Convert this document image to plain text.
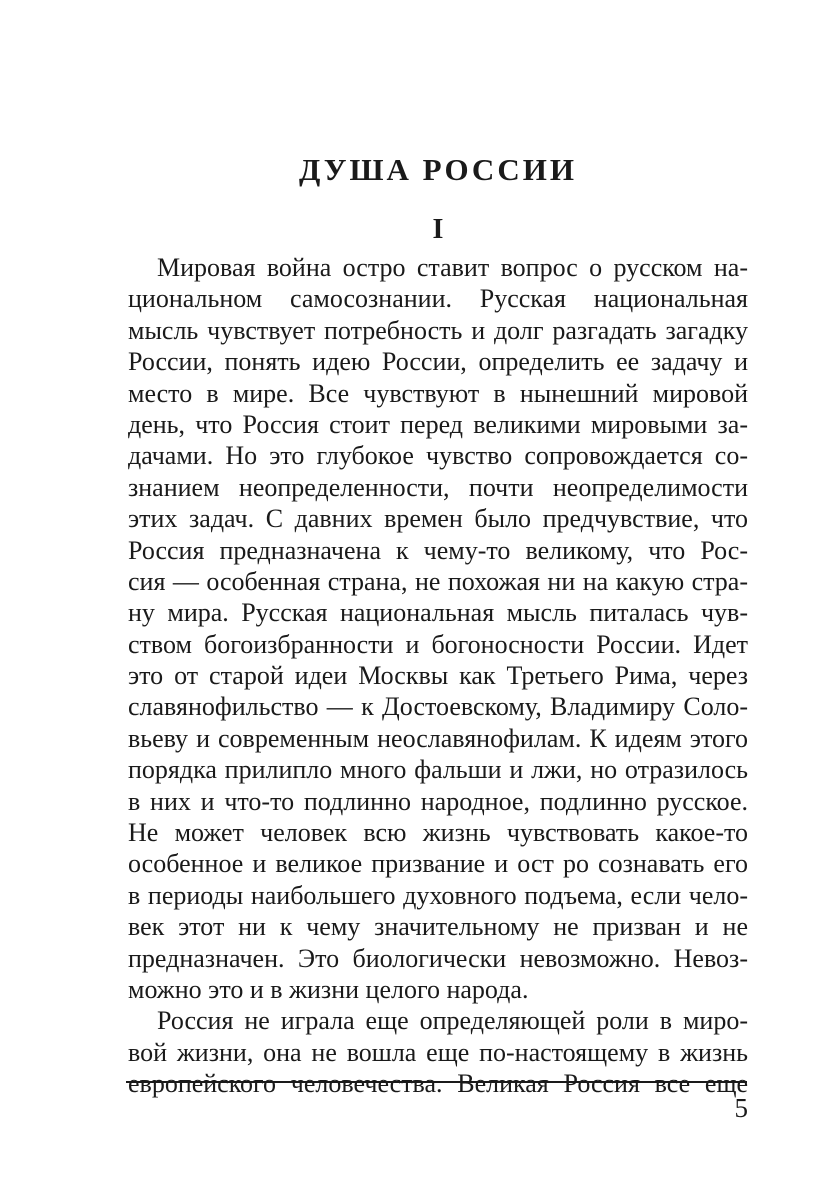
ДУША РОССИИ
I
Мировая война остро ставит вопрос о русском на-
циональном самосознании. Русская национальная
мысль чувствует потребность и долг разгадать загадку
России, понять идею России, определить ее задачу и
место в мире. Все чувствуют в нынешний мировой
день, что Россия стоит перед великими мировыми за-
дачами. Но это глубокое чувство сопровождается со-
знанием неопределенности, почти неопределимости
этих задач. С давних времен было предчувствие, что
Россия предназначена к чему-то великому, что Рос-
сия — особенная страна, не похожая ни на какую стра-
ну мира. Русская национальная мысль питалась чув-
ством богоизбранности и богоносности России. Идет
это от старой идеи Москвы как Третьего Рима, через
славянофильство — к Достоевскому, Владимиру Соло-
вьеву и современным неославянофилам. К идеям этого
порядка прилипло много фальши и лжи, но отразилось
в них и что-то подлинно народное, подлинно русское.
Не может человек всю жизнь чувствовать какое-то
особенное и великое призвание и ост ро сознавать его
в периоды наибольшего духовного подъема, если чело-
век этот ни к чему значительному не призван и не
предназначен. Это биологически невозможно. Невоз-
можно это и в жизни целого народа.
Россия не играла еще определяющей роли в миро-
вой жизни, она не вошла еще по-настоящему в жизнь
европейского человечества. Великая Россия все еще
5
